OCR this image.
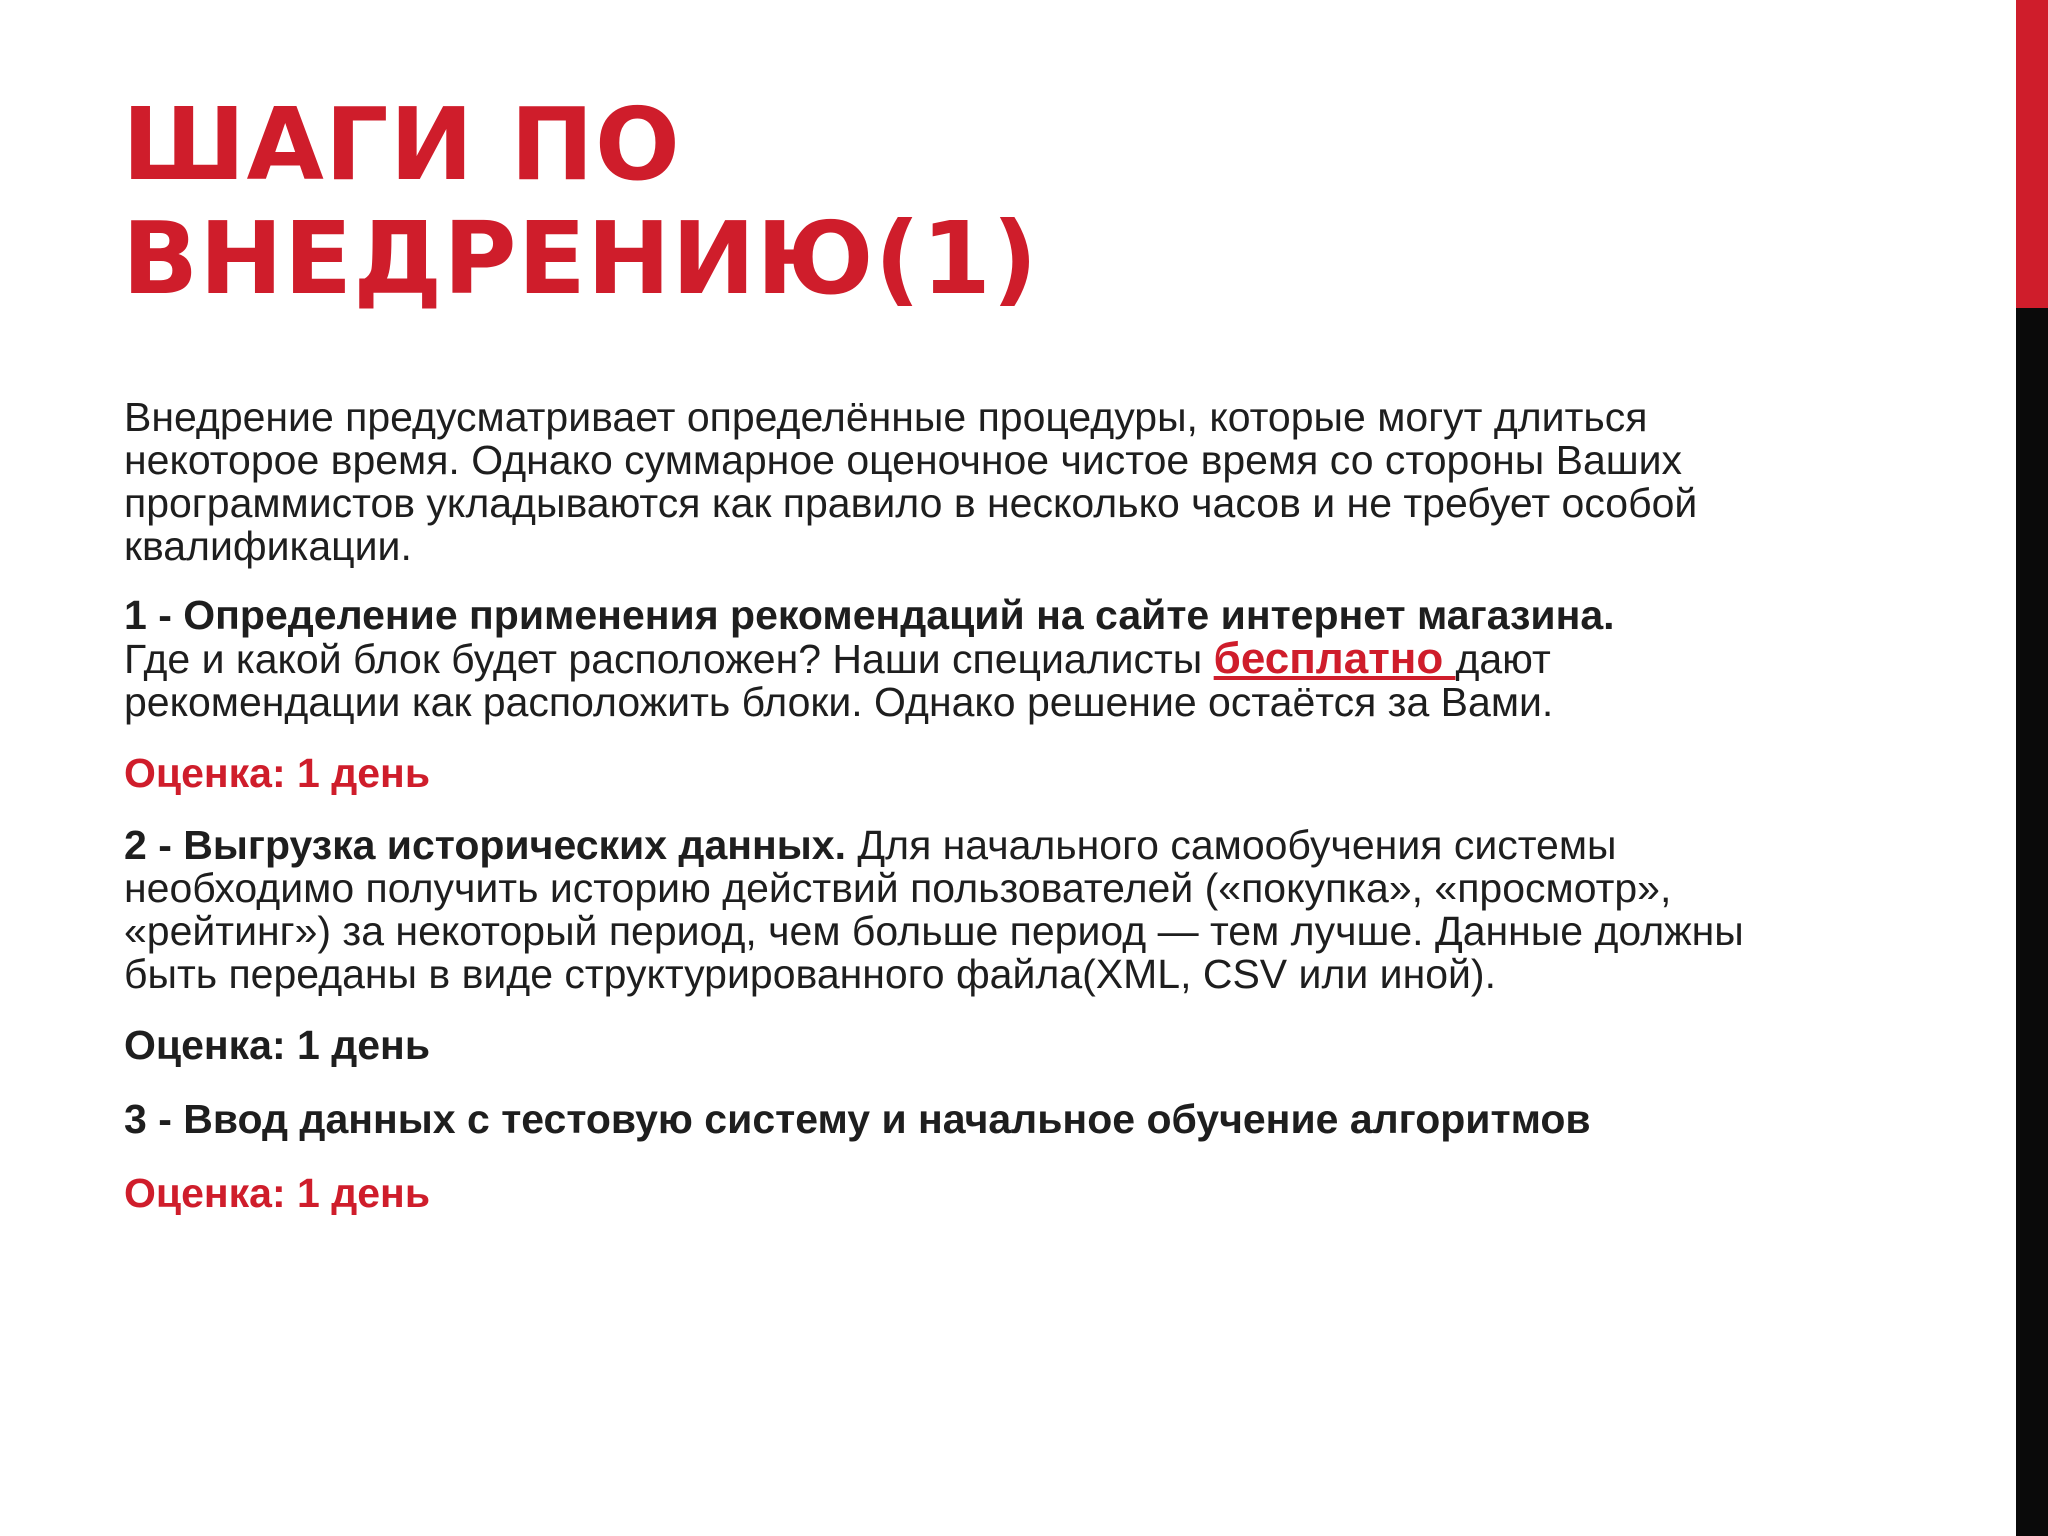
ШАГИ ПО
ВНЕДРЕНИЮ(1)

Внедрение предусматривает определённые процедуры, которые могут длиться некоторое время. Однако суммарное оценочное чистое время со стороны Ваших программистов укладываются как правило в несколько часов и не требует особой квалификации.

1 - Определение применения рекомендаций на сайте интернет магазина.
Где и какой блок будет расположен? Наши специалисты бесплатно дают рекомендации как расположить блоки. Однако решение остаётся за Вами.

Оценка: 1 день

2 - Выгрузка исторических данных. Для начального самообучения системы необходимо получить историю действий пользователей («покупка», «просмотр», «рейтинг») за некоторый период, чем больше период — тем лучше. Данные должны быть переданы в виде структурированного файла(XML, CSV или иной).

Оценка: 1 день

3 - Ввод данных с тестовую систему и начальное обучение алгоритмов

Оценка: 1 день
